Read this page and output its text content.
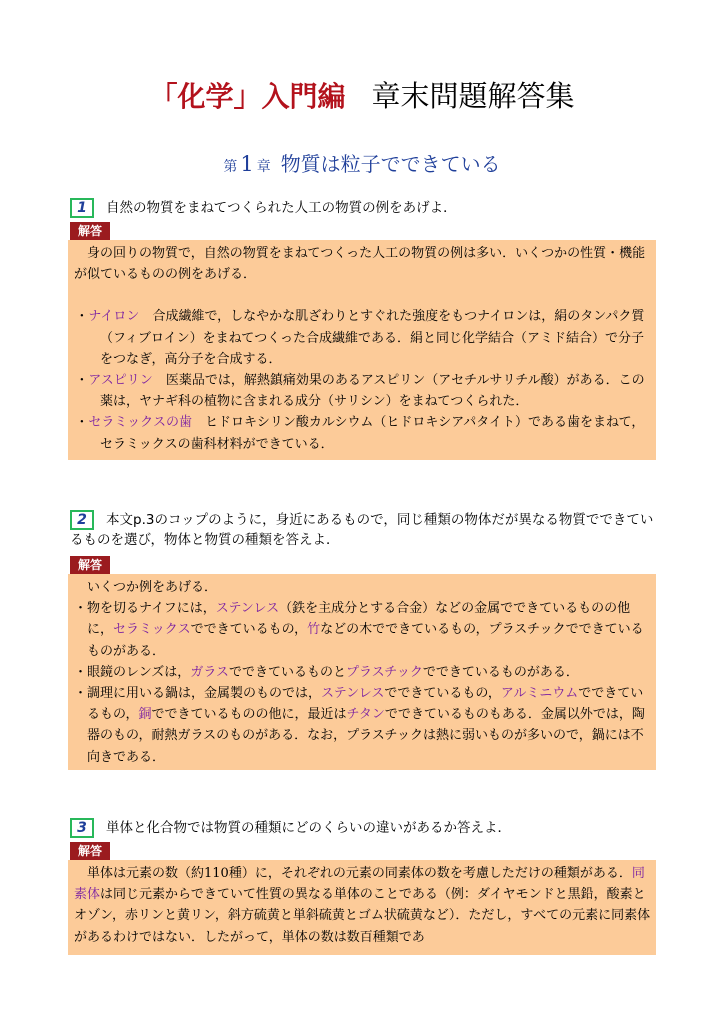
「化学」入門編 章末問題解答集
第 1 章 物質は粒子でできている
1 自然の物質をまねてつくられた人工の物質の例をあげよ．
解答

身の回りの物質で，自然の物質をまねてつくった人工の物質の例は多い．いくつかの性質・機能が似ているものの例をあげる．

・ナイロン　 合成繊維で，しなやかな肌ざわりとすぐれた強度をもつナイロンは，絹のタンパク質（フィブロイン）をまねてつくった合成繊維である．絹と同じ化学結合（アミド結合）で分子をつなぎ，高分子を合成する．

・アスピリン　 医薬品では，解熱鎮痛効果のあるアスピリン（アセチルサリチル酸）がある．この薬は，ヤナギ科の植物に含まれる成分（サリシン）をまねてつくられた．

・セラミックスの歯　 ヒドロキシリン酸カルシウム（ヒドロキシアパタイト）である歯をまねて，セラミックスの歯科材料ができている．

2 本文p.3のコップのように，身近にあるもので，同じ種類の物体だが異なる物質でできているものを選び，物体と物質の種類を答えよ．
解答

いくつか例をあげる．

・物を切るナイフには，ステンレス（鉄を主成分とする合金）などの金属でできているものの他に，セラミックスでできているもの，竹などの木でできているもの，プラスチックでできているものがある．

・眼鏡のレンズは，ガラスでできているものとプラスチックでできているものがある．

・調理に用いる鍋は，金属製のものでは，ステンレスでできているもの，アルミニウムでできているもの，銅でできているものの他に，最近はチタンでできているものもある．金属以外では，陶器のもの，耐熱ガラスのものがある．なお，プラスチックは熱に弱いものが多いので，鍋には不向きである．

3 単体と化合物では物質の種類にどのくらいの違いがあるか答えよ．
解答

単体は元素の数（約110種）に，それぞれの元素の同素体の数を考慮しただけの種類がある．同素体は同じ元素からできていて性質の異なる単体のことである（例：ダイヤモンドと黒鉛，酸素とオゾン，赤リンと黄リン，斜方硫黄と単斜硫黄とゴム状硫黄など）．ただし，すべての元素に同素体があるわけではない．したがって，単体の数は数百種類であ
